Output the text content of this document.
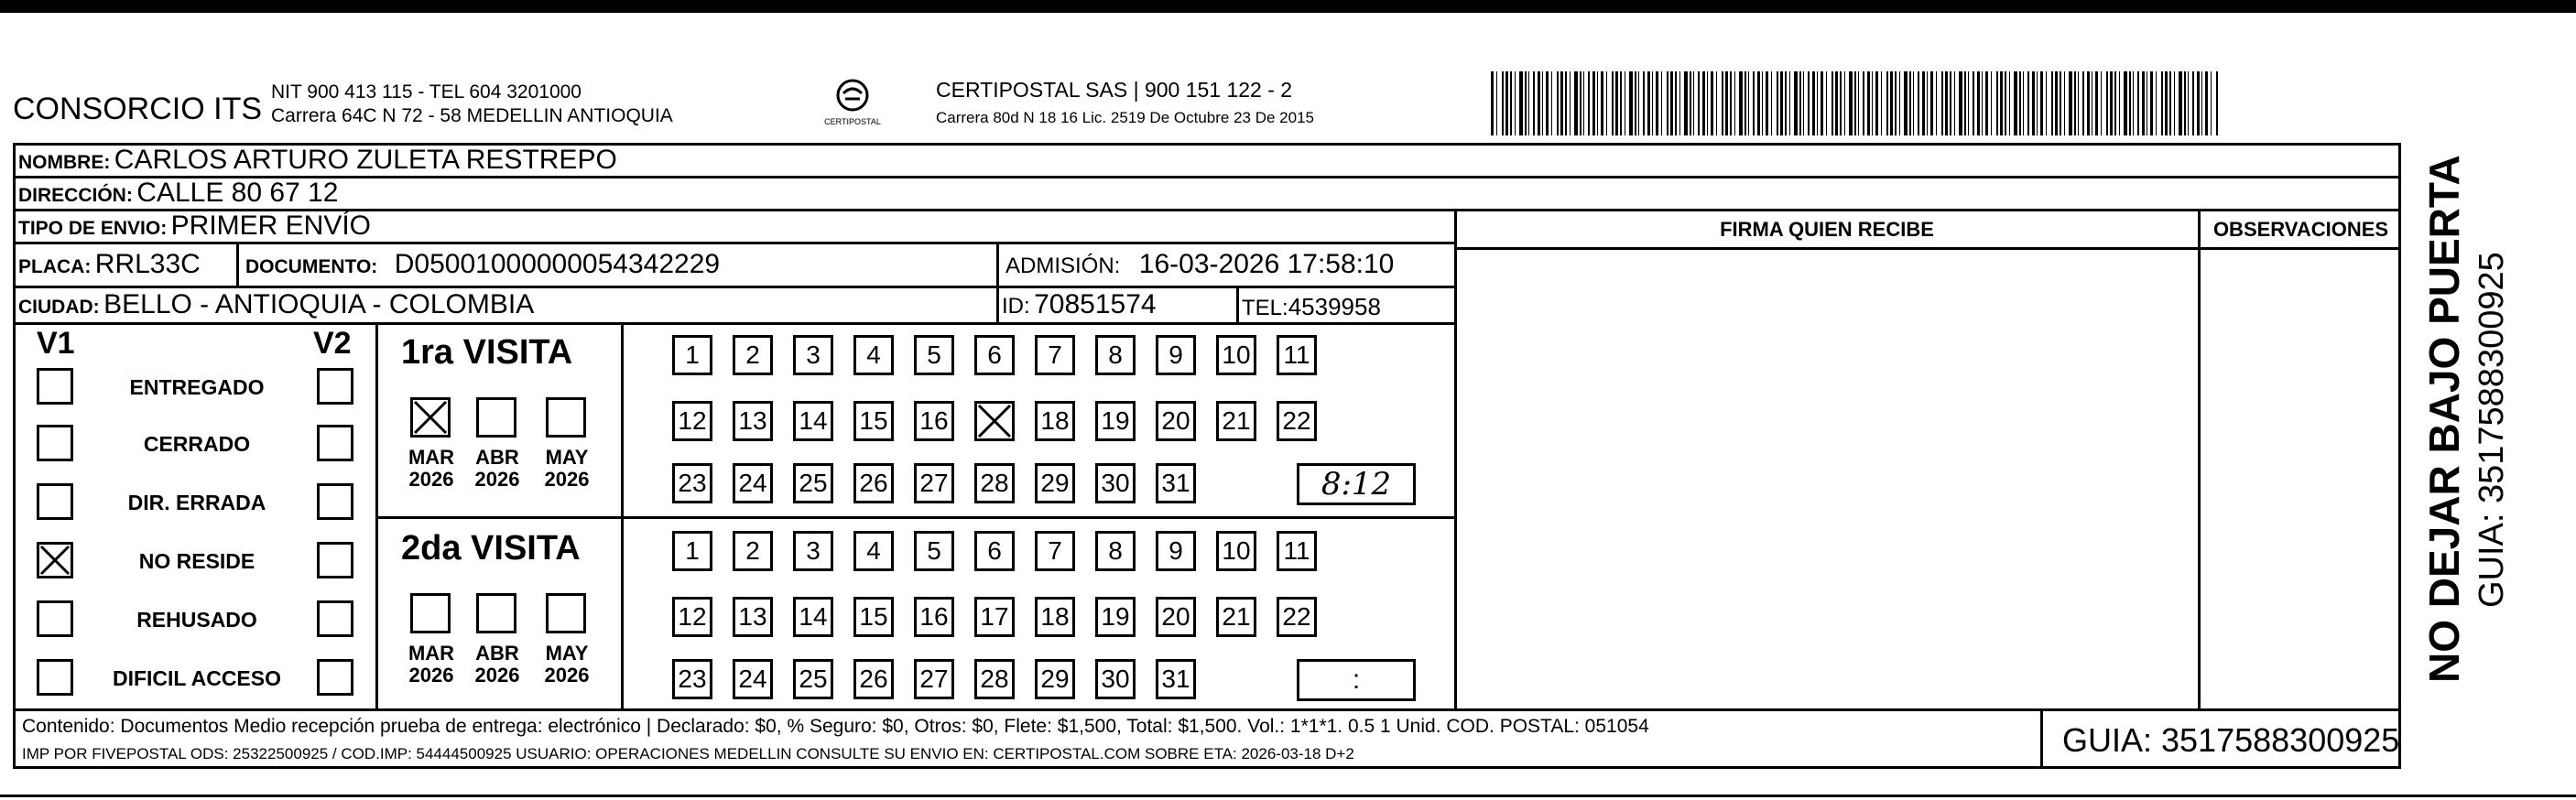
CONSORCIO ITS NIT 900 413 115 - TEL 604 3201000
Carrera 64C N 72 - 58 MEDELLIN ANTIOQUIA	CERTIPOSTAL
CERTIPOSTAL SAS | 900 151 122 - 2
Carrera 80d N 18 16 Lic. 2519 De Octubre 23 De 2015
NOMBRE: CARLOS ARTURO ZULETA RESTREPO
DIRECCIÓN: CALLE 80 67 12
TIPO DE ENVIO: PRIMER ENVÍO
PLACA: RRL33C DOCUMENTO: D05001000000054342229	ADMISIÓN: 16-03-2026 17:58:10
CIUDAD: BELLO - ANTIOQUIA - COLOMBIA	ID: 70851574	TEL:4539958
FIRMA QUIEN RECIBE	OBSERVACIONES
V1	V2
ENTREGADO
CERRADO
DIR. ERRADA
NO RESIDE
REHUSADO
DIFICIL ACCESO
1ra VISITA
MAR
2026
ABR
2026
MAY
2026
1	2	3	4	5	6	7	8	9	10 11
12 13 14 15 16	18 19 20 21 22
23 24 25 26 27 28 29 30 31	8:12
2da VISITA
MAR
2026
ABR
2026
MAY
2026
1	2	3	4	5	6	7	8	9	10 11
12 13 14 15 16 17 18 19 20 21 22
23 24 25 26 27 28 29 30 31	:
Contenido: Documentos Medio recepción prueba de entrega: electrónico | Declarado: $0, % Seguro: $0, Otros: $0, Flete: $1,500, Total: $1,500. Vol.: 1*1*1. 0.5 1 Unid. COD. POSTAL: 051054
IMP POR FIVEPOSTAL ODS: 25322500925 / COD.IMP: 54444500925 USUARIO: OPERACIONES MEDELLIN CONSULTE SU ENVIO EN: CERTIPOSTAL.COM SOBRE ETA: 2026-03-18 D+2	GUIA: 3517588300925
NO DEJAR BAJO PUERTA GUIA: 3517588300925
